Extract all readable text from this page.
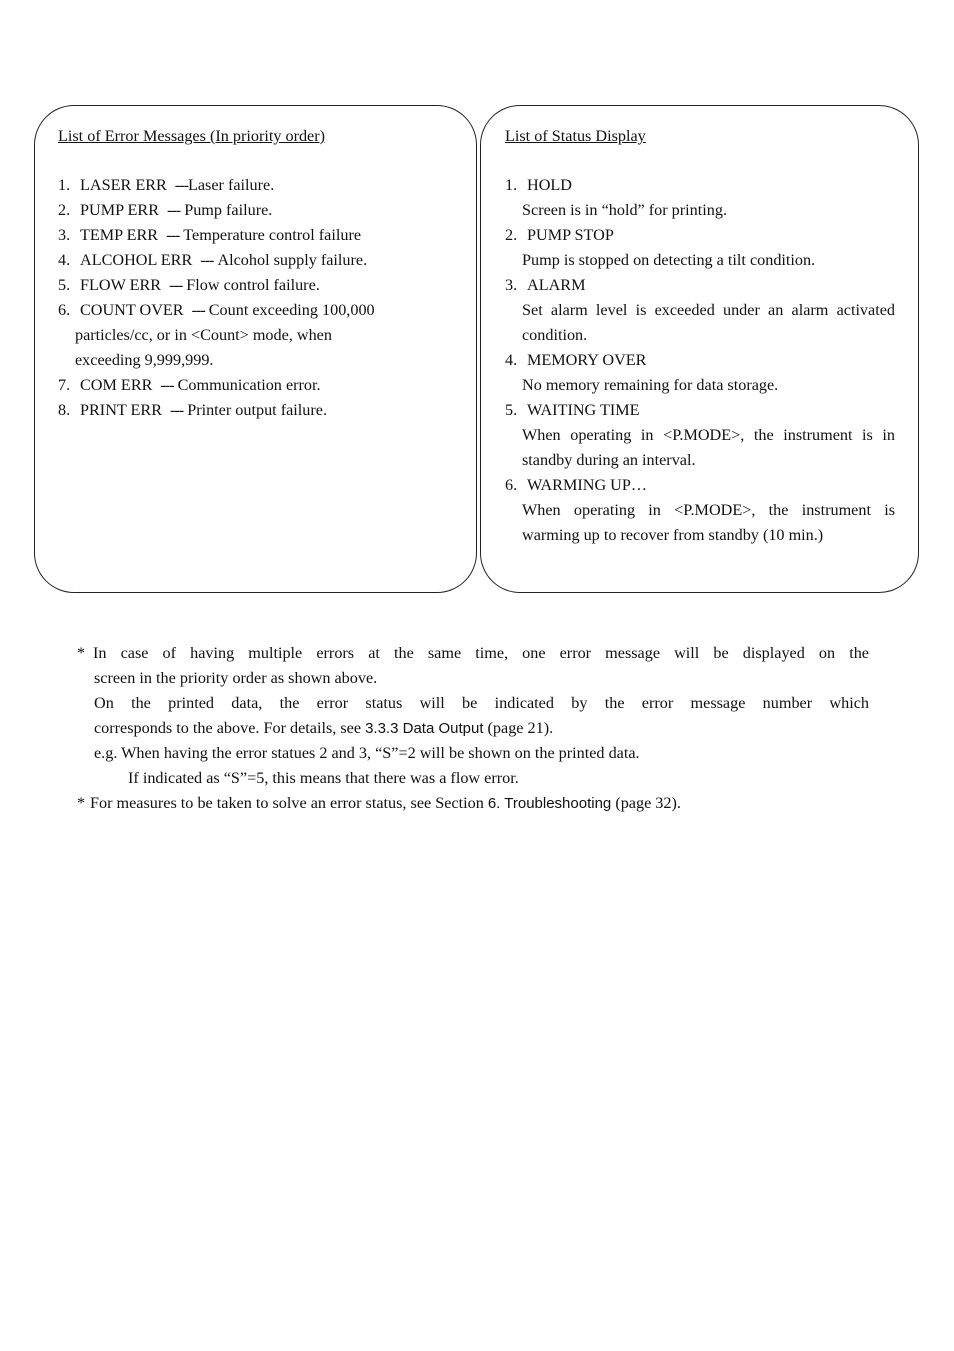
List of Error Messages (In priority order)	List of Status Display
1. LASER ERR ---Laser failure.
2. PUMP ERR --- Pump failure.
3. TEMP ERR --- Temperature control failure
4. ALCOHOL ERR --- Alcohol supply failure.
5. FLOW ERR --- Flow control failure.
6. COUNT OVER --- Count exceeding 100,000
particles/cc, or in <Count> mode, when
exceeding 9,999,999.
7. COM ERR --- Communication error.
8. PRINT ERR --- Printer output failure.
1. HOLD
Screen is in “hold” for printing.
2. PUMP STOP
Pump is stopped on detecting a tilt condition.
3. ALARM
Set alarm level is exceeded under an alarm activated condition.
4. MEMORY OVER
No memory remaining for data storage.
5. WAITING TIME
When operating in <P.MODE>, the instrument is in standby during an interval.
6. WARMING UP…
When operating in <P.MODE>, the instrument is warming up to recover from standby (10 min.)
* In case of having multiple errors at the same time, one error message will be displayed on the
screen in the priority order as shown above.
On the printed data, the error status will be indicated by the error message number which
corresponds to the above. For details, see 3.3.3 Data Output (page 21).
e.g. When having the error statues 2 and 3, “S”=2 will be shown on the printed data.
If indicated as “S”=5, this means that there was a flow error.
* For measures to be taken to solve an error status, see Section 6. Troubleshooting (page 32).
